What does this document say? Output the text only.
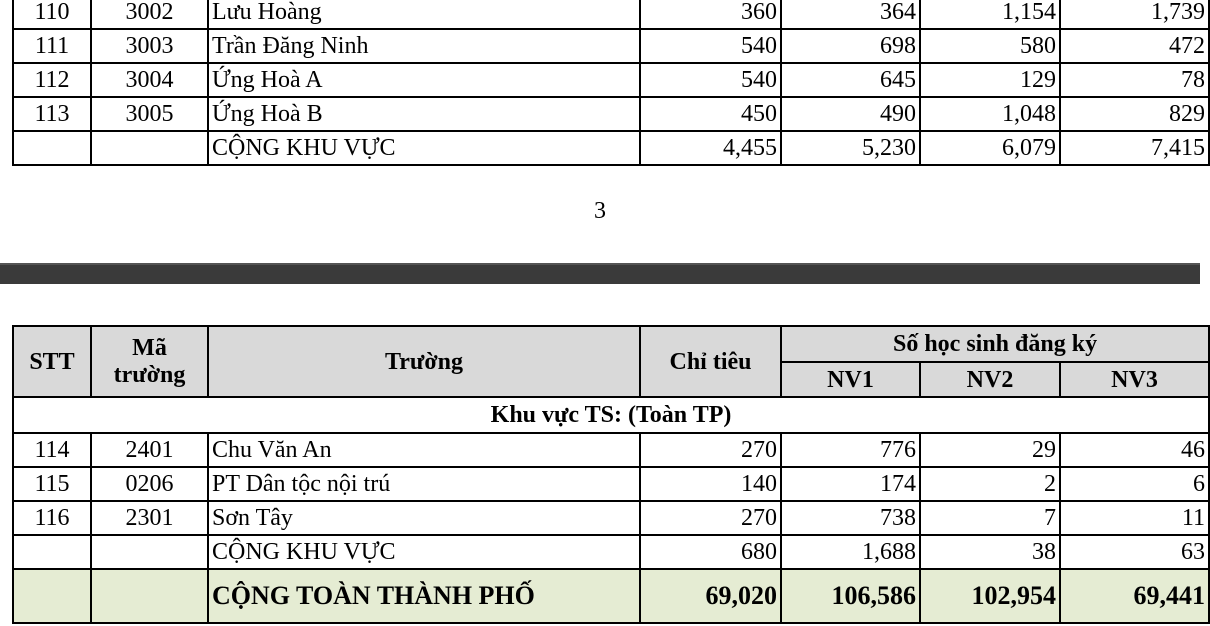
110	3002	Lưu Hoàng	360	364	1,154	1,739
111	3003	Trần Đăng Ninh	540	698	580	472
112	3004	Ứng Hoà A	540	645	129	78
113	3005	Ứng Hoà B	450	490	1,048	829
		CỘNG KHU VỰC	4,455	5,230	6,079	7,415
3
STT	Mã trường	Trường	Chỉ tiêu	Số học sinh đăng ký		
				NV1	NV2	NV3
Khu vực TS: (Toàn TP)						
114	2401	Chu Văn An	270	776	29	46
115	0206	PT Dân tộc nội trú	140	174	2	6
116	2301	Sơn Tây	270	738	7	11
		CỘNG KHU VỰC	680	1,688	38	63
		CỘNG TOÀN THÀNH PHỐ	69,020	106,586	102,954	69,441
